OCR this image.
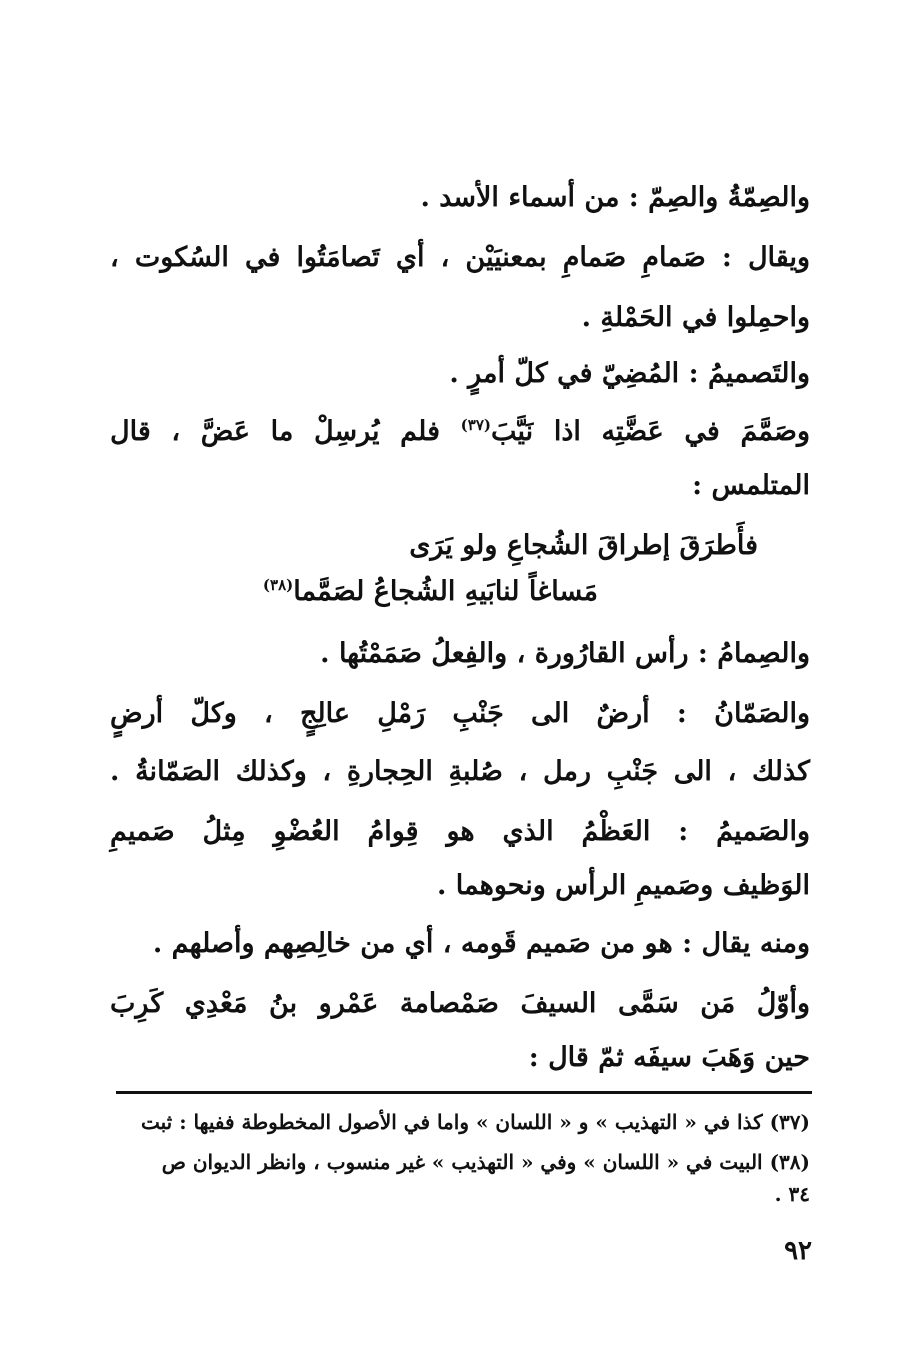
والصِمّةُ والصِمّ : من أسماء الأسد .
ويقال : صَمامِ صَمامِ بمعنيَيْن ، أي تَصامَتُوا في السُكوت ،
واحمِلوا في الحَمْلةِ .
والتَصميمُ : المُضِيّ في كلّ أمرٍ .
وصَمَّمَ في عَضَّتِه اذا نَيَّبَ$^{(٣٧)}$ فلم يُرسِلْ ما عَضَّ ، قال
المتلمس :
فأَطرَقَ إطراقَ الشُجاعِ ولو يَرَى
مَساغاً لنابَيهِ الشُجاعُ لصَمَّما$^{(٣٨)}$
والصِمامُ : رأس القارُورة ، والفِعلُ صَمَمْتُها .
والصَمّانُ : أرضٌ الى جَنْبِ رَمْلِ عالِجٍ ، وكلّ أرضٍ
كذلك ، الى جَنْبِ رمل ، صُلبةِ الحِجارةِ ، وكذلك الصَمّانةُ .
والصَميمُ : العَظْمُ الذي هو قِوامُ العُضْوِ مِثلُ صَميمِ
الوَظيف وصَميمِ الرأس ونحوهما .
ومنه يقال : هو من صَميم قَومه ، أي من خالِصِهم وأصلهم .
وأوّلُ مَن سَمَّى السيفَ صَمْصامة عَمْرو بنُ مَعْدِي كَرِبَ
حين وَهَبَ سيفَه ثمّ قال :
(٣٧) كذا في « التهذيب » و « اللسان » واما في الأصول المخطوطة ففيها : ثبت
(٣٨) البيت في « اللسان » وفي « التهذيب » غير منسوب ، وانظر الديوان ص
٣٤ .
٩٢
